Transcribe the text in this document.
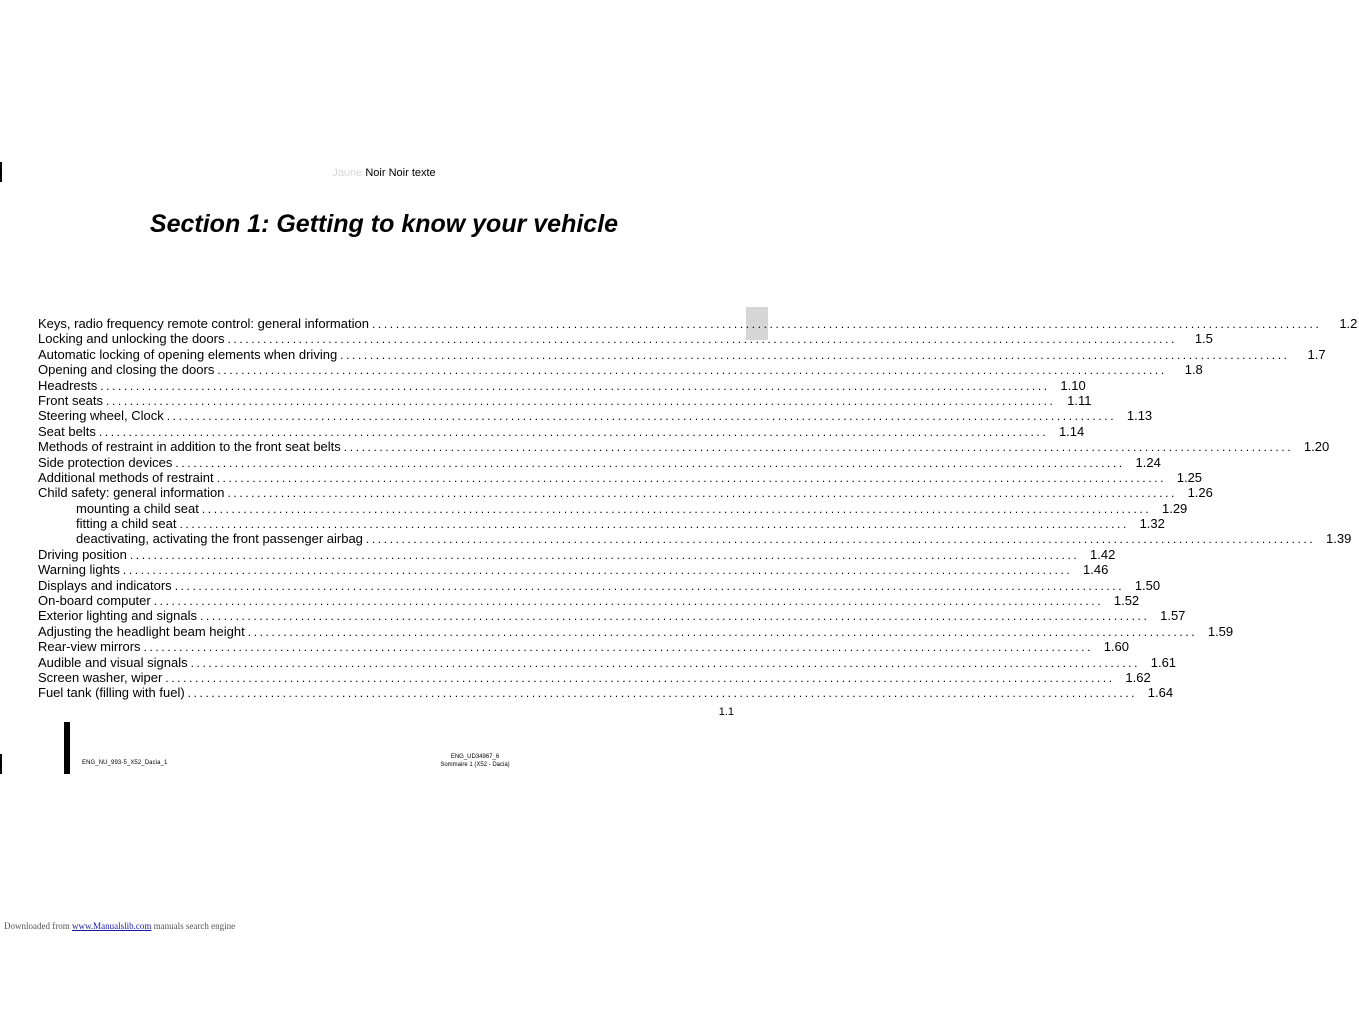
Jaune Noir Noir texte
Section 1: Getting to know your vehicle
Keys, radio frequency remote control: general information ................................................................................................................................................................	1.2
Locking and unlocking the doors ................................................................................................................................................................	1.5
Automatic locking of opening elements when driving ................................................................................................................................................................	1.7
Opening and closing the doors ................................................................................................................................................................	1.8
Headrests ................................................................................................................................................................ 1.10
Front seats ................................................................................................................................................................ 1.11
Steering wheel, Clock ................................................................................................................................................................ 1.13
Seat belts ................................................................................................................................................................ 1.14
Methods of restraint in addition to the front seat belts ................................................................................................................................................................ 1.20
Side protection devices ................................................................................................................................................................ 1.24
Additional methods of restraint ................................................................................................................................................................ 1.25
Child safety: general information ................................................................................................................................................................ 1.26
mounting a child seat ................................................................................................................................................................ 1.29
fitting a child seat ................................................................................................................................................................ 1.32
deactivating, activating the front passenger airbag ................................................................................................................................................................ 1.39
Driving position ................................................................................................................................................................ 1.42
Warning lights ................................................................................................................................................................ 1.46
Displays and indicators ................................................................................................................................................................ 1.50
On-board computer ................................................................................................................................................................ 1.52
Exterior lighting and signals ................................................................................................................................................................ 1.57
Adjusting the headlight beam height ................................................................................................................................................................ 1.59
Rear-view mirrors ................................................................................................................................................................ 1.60
Audible and visual signals ................................................................................................................................................................ 1.61
Screen washer, wiper ................................................................................................................................................................ 1.62
Fuel tank (filling with fuel) ................................................................................................................................................................ 1.64
1.1
ENG_NU_993-5_X52_Dacia_1
ENG_UD34967_6
Sommaire 1 (X52 - Dacia)
Downloaded from www.Manualslib.com manuals search engine
